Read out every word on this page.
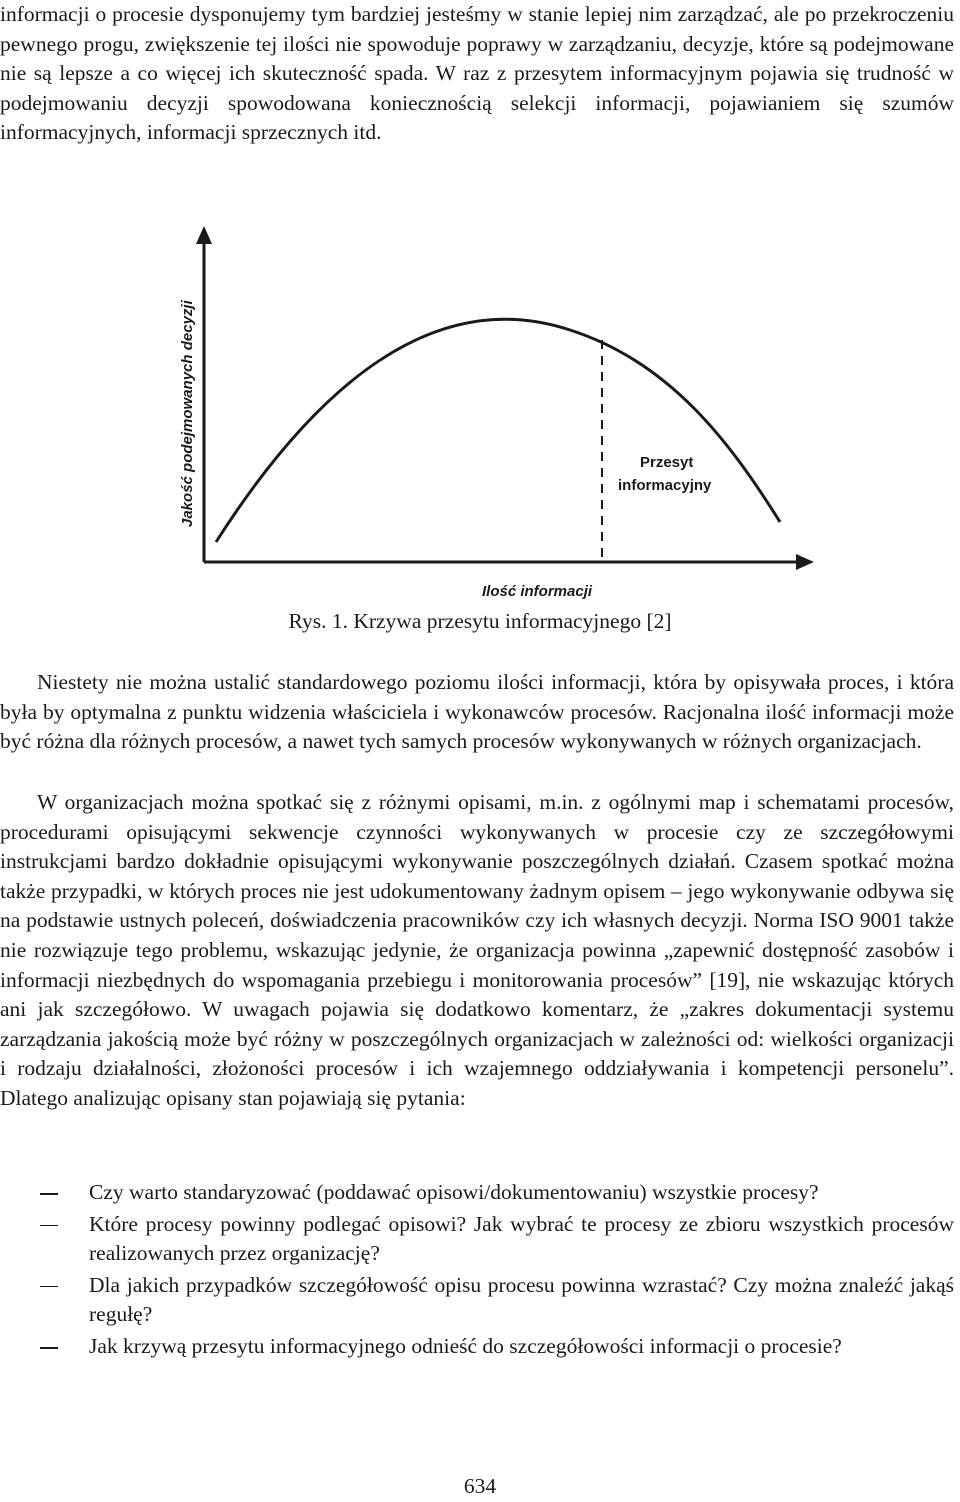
informacji o procesie dysponujemy tym bardziej jesteśmy w stanie lepiej nim zarządzać, ale po przekroczeniu pewnego progu, zwiększenie tej ilości nie spowoduje poprawy w zarządzaniu, decyzje, które są podejmowane nie są lepsze a co więcej ich skuteczność spada. W raz z przesytem informacyjnym pojawia się trudność w podejmowaniu decyzji spowodowana koniecznością selekcji informacji, pojawianiem się szumów informacyjnych, informacji sprzecznych itd.

Przesyt
informacyjny
Jakość podejmowanych decyzji
Ilość informacji
Rys. 1. Krzywa przesytu informacyjnego [2]

Niestety nie można ustalić standardowego poziomu ilości informacji, która by opisywała proces, i która była by optymalna z punktu widzenia właściciela i wykonawców procesów. Racjonalna ilość informacji może być różna dla różnych procesów, a nawet tych samych procesów wykonywanych w różnych organizacjach.

W organizacjach można spotkać się z różnymi opisami, m.in. z ogólnymi map i schematami procesów, procedurami opisującymi sekwencje czynności wykonywanych w procesie czy ze szczegółowymi instrukcjami bardzo dokładnie opisującymi wykonywanie poszczególnych działań. Czasem spotkać można także przypadki, w których proces nie jest udokumentowany żadnym opisem – jego wykonywanie odbywa się na podstawie ustnych poleceń, doświadczenia pracowników czy ich własnych decyzji. Norma ISO 9001 także nie rozwiązuje tego problemu, wskazując jedynie, że organizacja powinna „zapewnić dostępność zasobów i informacji niezbędnych do wspomagania przebiegu i monitorowania procesów” [19], nie wskazując których ani jak szczegółowo. W uwagach pojawia się dodatkowo komentarz, że „zakres dokumentacji systemu zarządzania jakością może być różny w poszczególnych organizacjach w zależności od: wielkości organizacji i rodzaju działalności, złożoności procesów i ich wzajemnego oddziaływania i kompetencji personelu”. Dlatego analizując opisany stan pojawiają się pytania:

Czy warto standaryzować (poddawać opisowi/dokumentowaniu) wszystkie procesy?
Które procesy powinny podlegać opisowi? Jak wybrać te procesy ze zbioru wszystkich procesów realizowanych przez organizację?
Dla jakich przypadków szczegółowość opisu procesu powinna wzrastać? Czy można znaleźć jakąś regułę?
Jak krzywą przesytu informacyjnego odnieść do szczegółowości informacji o procesie?
634
